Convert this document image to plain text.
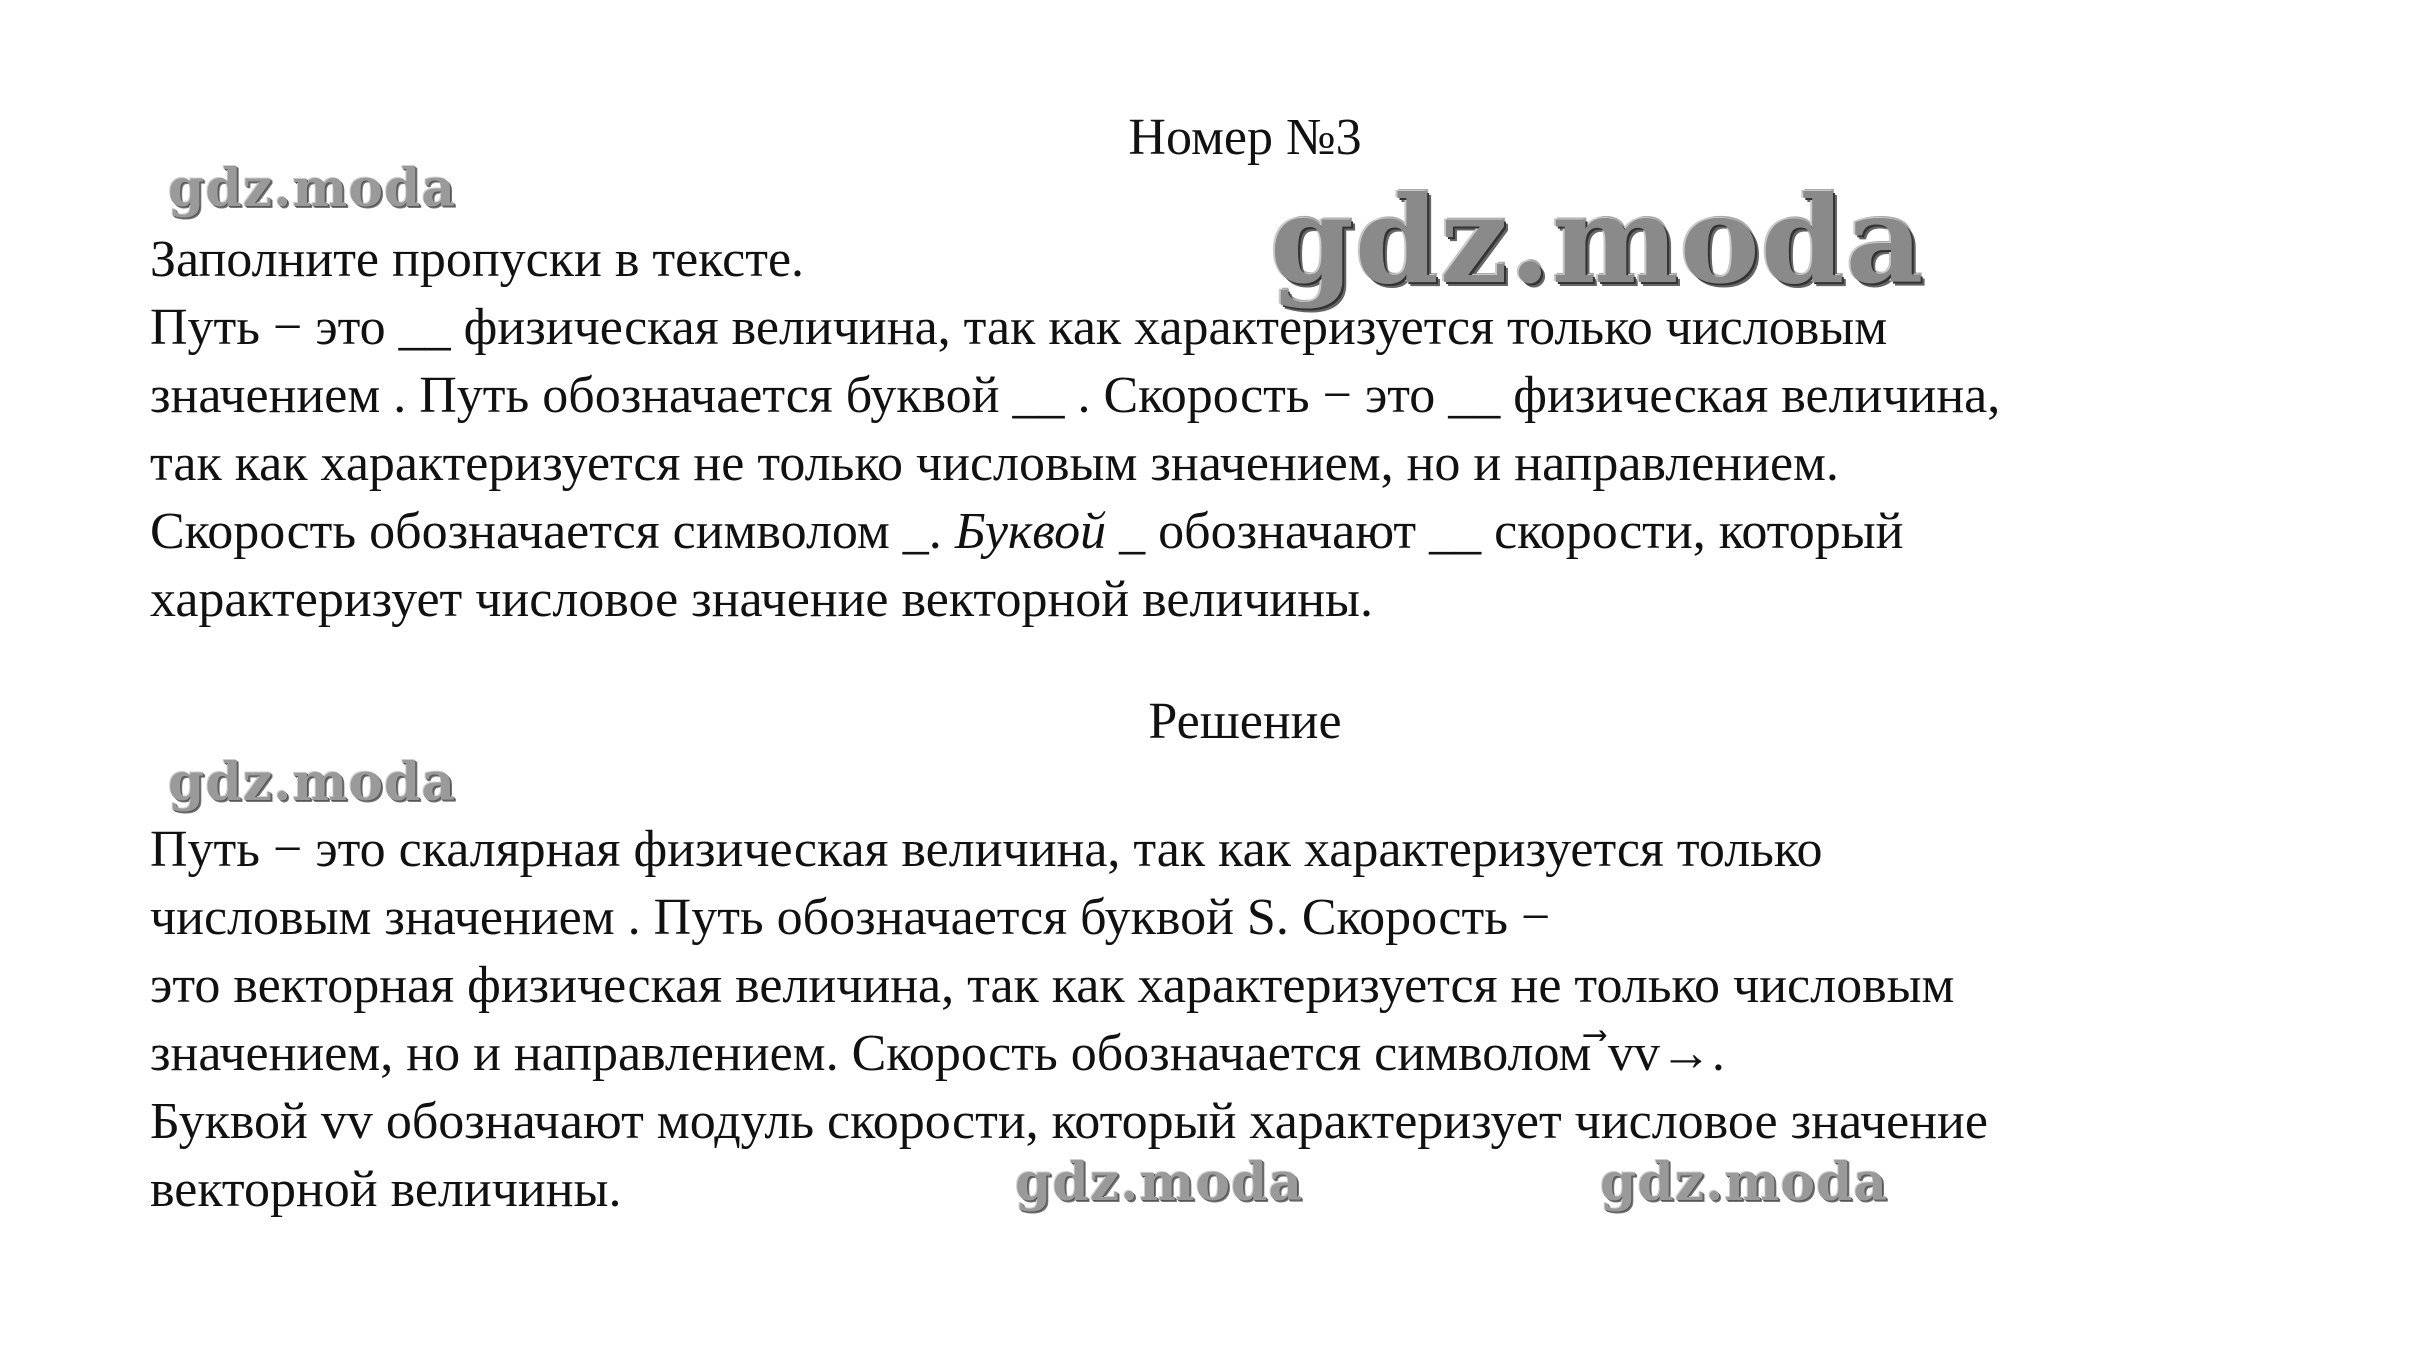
Номер №3
Заполните пропуски в тексте.
Путь − это __ физическая величина, так как характеризуется только числовым
значением . Путь обозначается буквой __ . Скорость − это __ физическая величина,
так как характеризуется не только числовым значением, но и направлением.
Скорость обозначается символом _. Буквой _ обозначают __ скорости, который
характеризует числовое значение векторной величины.
Решение
Путь − это скалярная физическая величина, так как характеризуется только
числовым значением . Путь обозначается буквой S. Скорость −
это векторная физическая величина, так как характеризуется не только числовым
значением, но и направлением. Скорость обозначается символом ⃗vv→.
Буквой vv обозначают модуль скорости, который характеризует числовое значение
векторной величины.
gdz.moda	gdz.moda
gdz.moda
gdz.moda	gdz.moda
